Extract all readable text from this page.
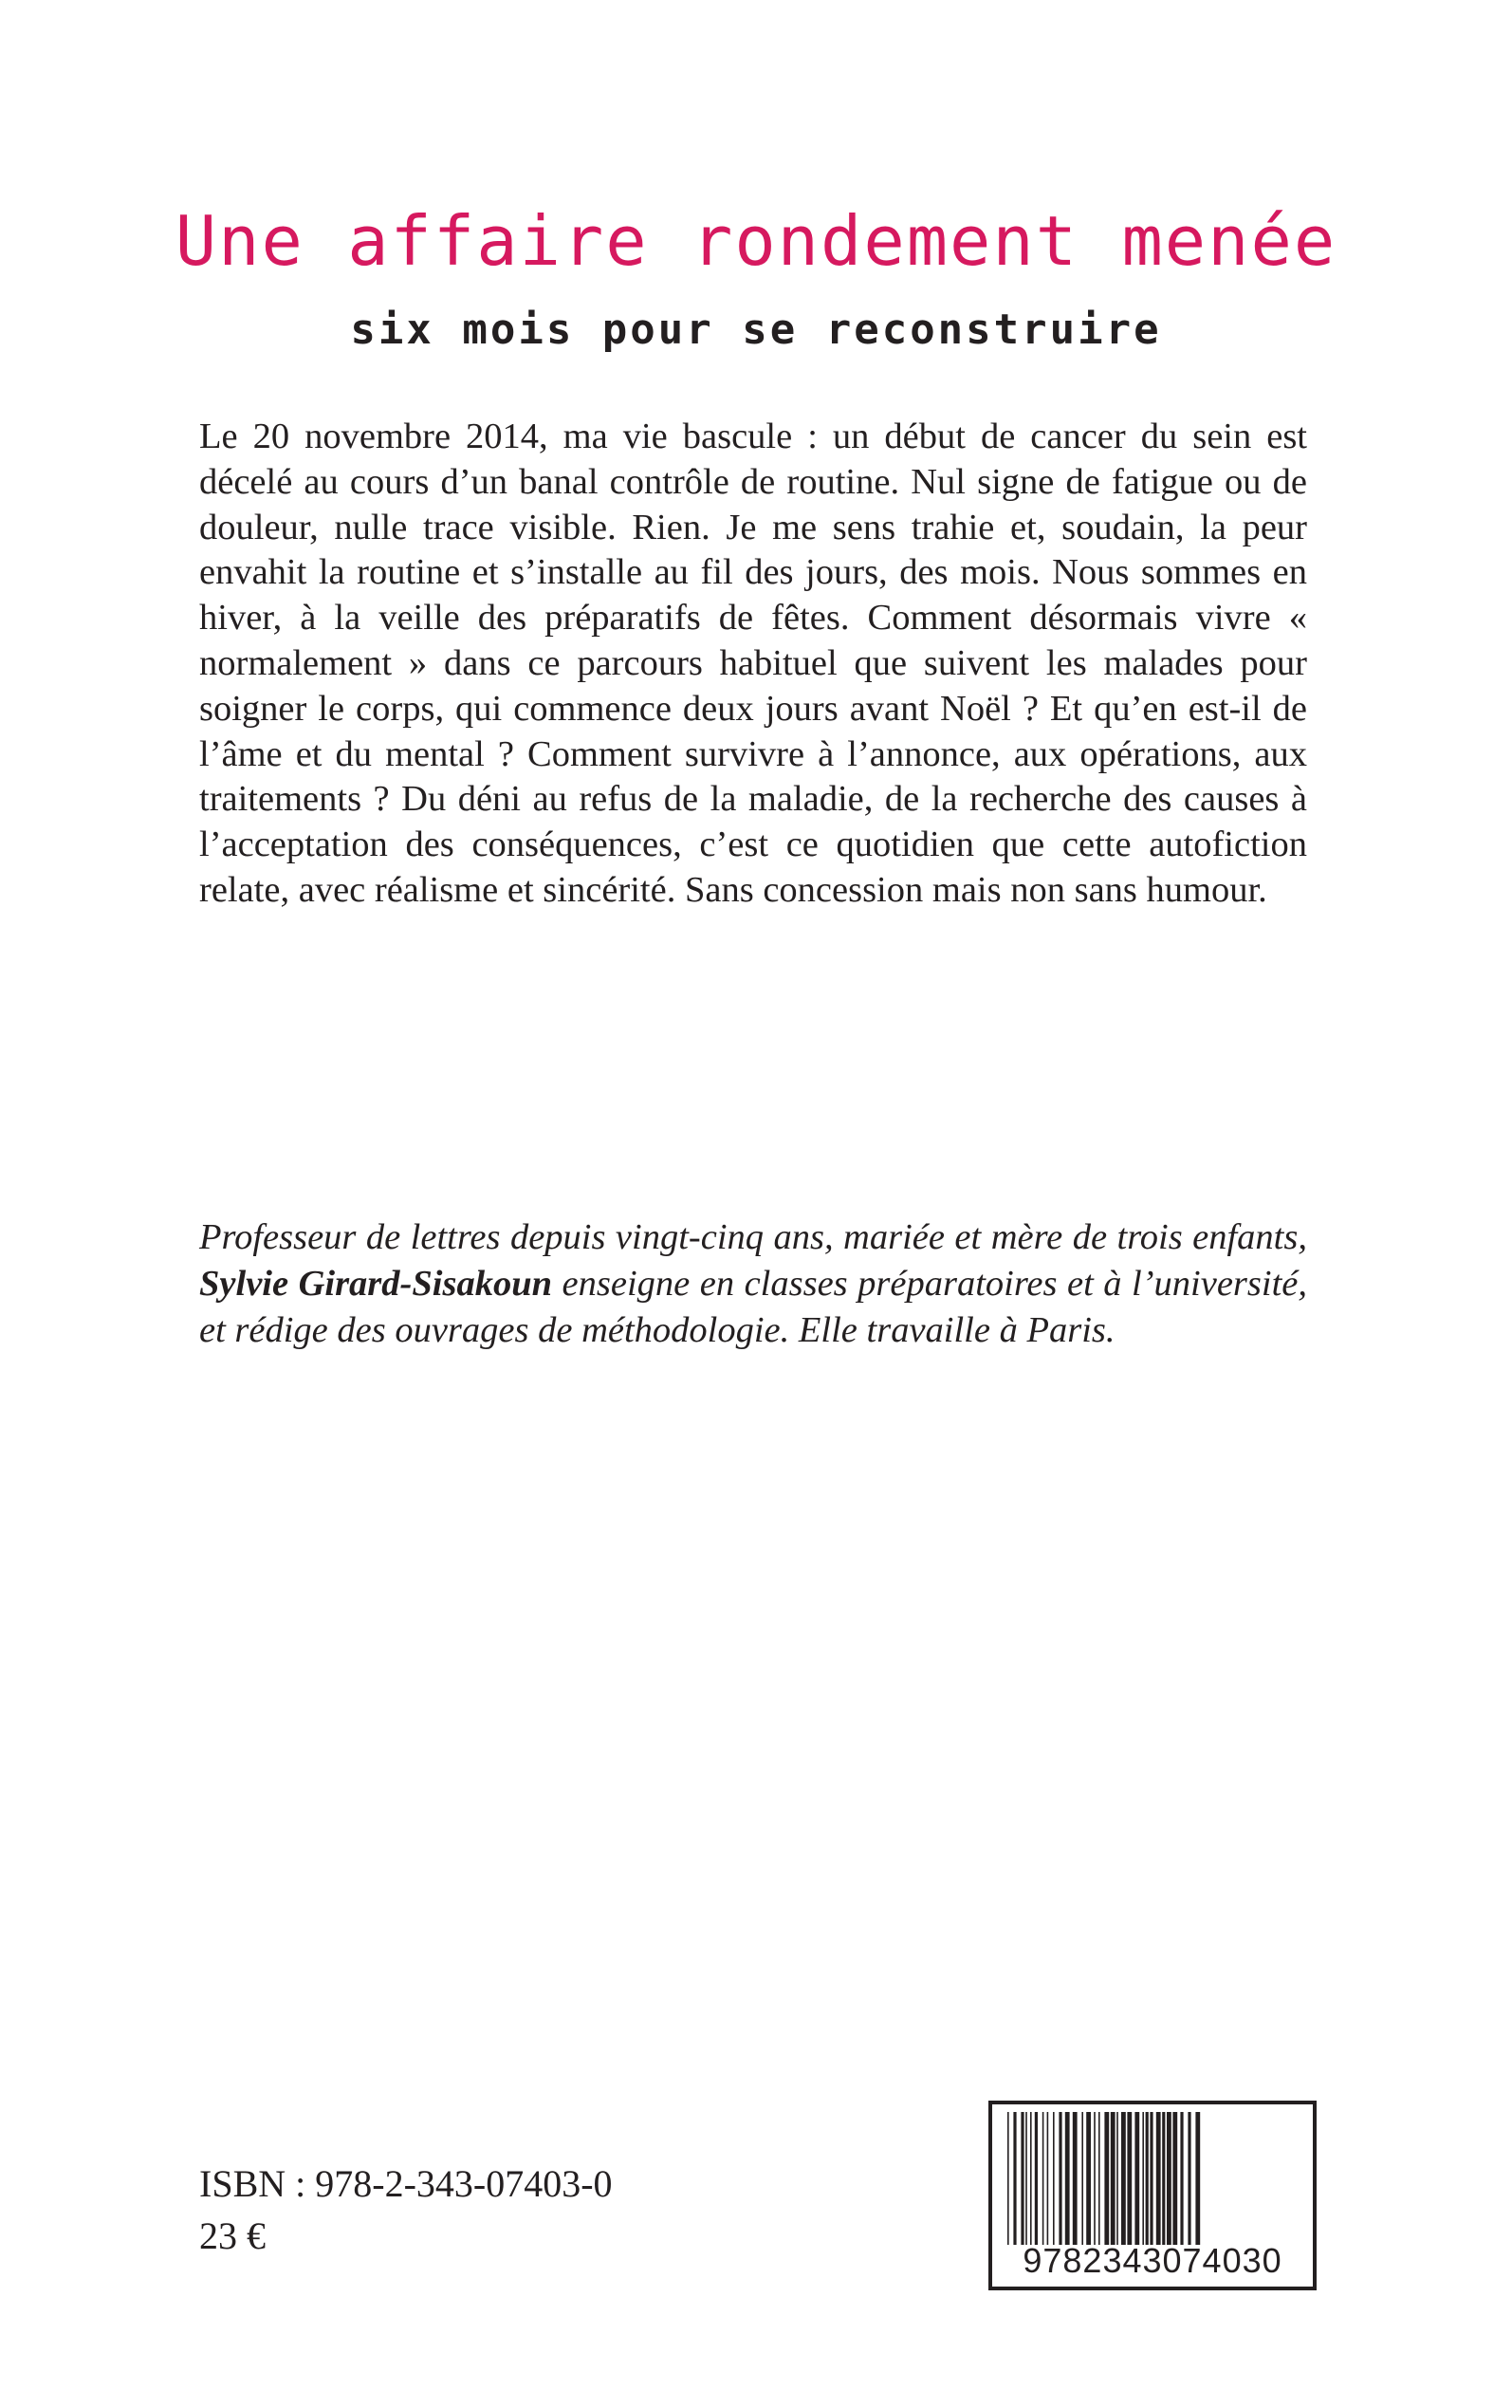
Une affaire rondement menée
six mois pour se reconstruire

Le 20 novembre 2014, ma vie bascule : un début de cancer du sein est décelé au cours d’un banal contrôle de routine. Nul signe de fatigue ou de douleur, nulle trace visible. Rien. Je me sens trahie et, soudain, la peur envahit la routine et s’installe au fil des jours, des mois. Nous sommes en hiver, à la veille des préparatifs de fêtes. Comment désormais vivre « normalement » dans ce parcours habituel que suivent les malades pour soigner le corps, qui commence deux jours avant Noël ? Et qu’en est-il de l’âme et du mental ? Comment survivre à l’annonce, aux opérations, aux traitements ? Du déni au refus de la maladie, de la recherche des causes à l’acceptation des conséquences, c’est ce quotidien que cette autofiction relate, avec réalisme et sincérité. Sans concession mais non sans humour.

Professeur de lettres depuis vingt-cinq ans, mariée et mère de trois enfants, Sylvie Girard-Sisakoun enseigne en classes préparatoires et à l’université, et rédige des ouvrages de méthodologie. Elle travaille à Paris.

ISBN : 978-2-343-07403-0

23 €

9782343074030
